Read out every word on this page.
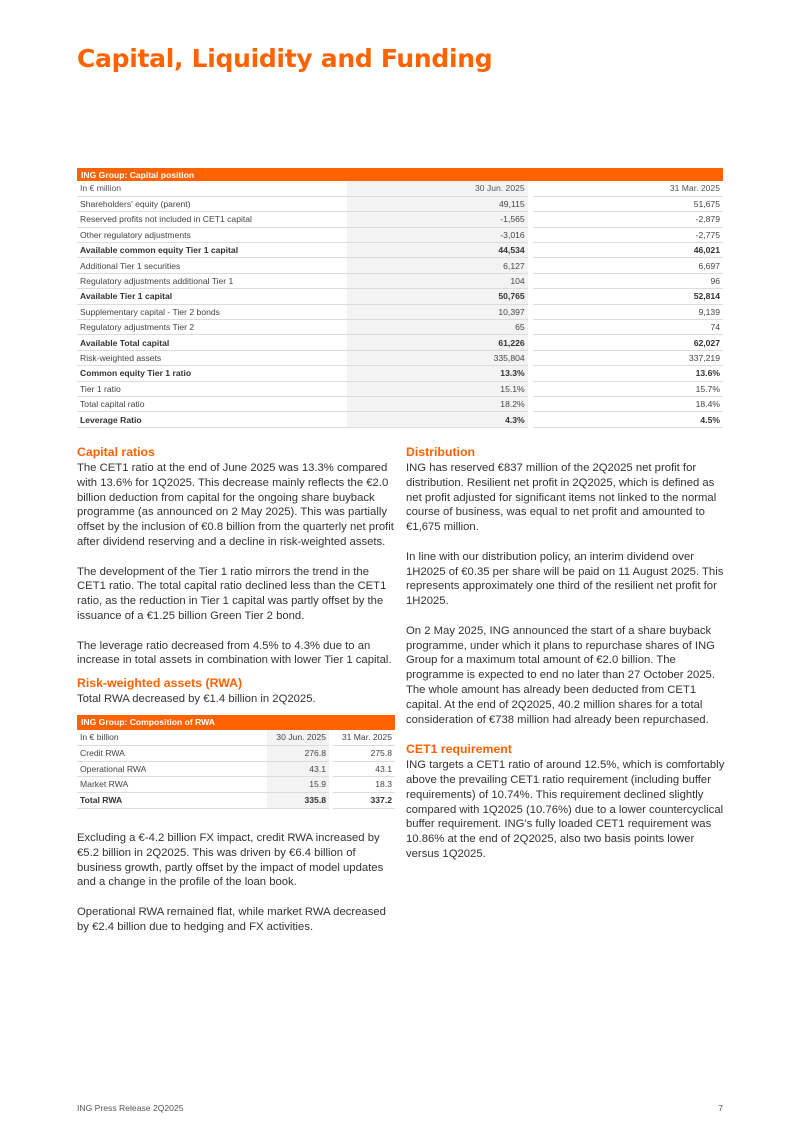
Capital, Liquidity and Funding
ING Group: Capital position			
In € million	30 Jun. 2025		31 Mar. 2025
Shareholders' equity (parent)	49,115		51,675
Reserved profits not included in CET1 capital	-1,565		-2,879
Other regulatory adjustments	-3,016		-2,775
Available common equity Tier 1 capital	44,534		46,021
Additional Tier 1 securities	6,127		6,697
Regulatory adjustments additional Tier 1	104		96
Available Tier 1 capital	50,765		52,814
Supplementary capital - Tier 2 bonds	10,397		9,139
Regulatory adjustments Tier 2	65		74
Available Total capital	61,226		62,027
Risk-weighted assets	335,804		337,219
Common equity Tier 1 ratio	13.3%		13.6%
Tier 1 ratio	15.1%		15.7%
Total capital ratio	18.2%		18.4%
Leverage Ratio	4.3%		4.5%
Capital ratios

The CET1 ratio at the end of June 2025 was 13.3% compared with 13.6% for 1Q2025. This decrease mainly reflects the €2.0 billion deduction from capital for the ongoing share buyback programme (as announced on 2 May 2025). This was partially offset by the inclusion of €0.8 billion from the quarterly net profit after dividend reserving and a decline in risk-weighted assets.

The development of the Tier 1 ratio mirrors the trend in the CET1 ratio. The total capital ratio declined less than the CET1 ratio, as the reduction in Tier 1 capital was partly offset by the issuance of a €1.25 billion Green Tier 2 bond.

The leverage ratio decreased from 4.5% to 4.3% due to an increase in total assets in combination with lower Tier 1 capital.

Risk-weighted assets (RWA)

Total RWA decreased by €1.4 billion in 2Q2025.

ING Group: Composition of RWA			
In € billion	30 Jun. 2025		31 Mar. 2025
Credit RWA	276.8		275.8
Operational RWA	43.1		43.1
Market RWA	15.9		18.3
Total RWA	335.8		337.2

Excluding a €-4.2 billion FX impact, credit RWA increased by €5.2 billion in 2Q2025. This was driven by €6.4 billion of business growth, partly offset by the impact of model updates and a change in the profile of the loan book.

Operational RWA remained flat, while market RWA decreased by €2.4 billion due to hedging and FX activities.

Distribution

ING has reserved €837 million of the 2Q2025 net profit for distribution. Resilient net profit in 2Q2025, which is defined as net profit adjusted for significant items not linked to the normal course of business, was equal to net profit and amounted to €1,675 million.

In line with our distribution policy, an interim dividend over 1H2025 of €0.35 per share will be paid on 11 August 2025. This represents approximately one third of the resilient net profit for 1H2025.

On 2 May 2025, ING announced the start of a share buyback programme, under which it plans to repurchase shares of ING Group for a maximum total amount of €2.0 billion. The programme is expected to end no later than 27 October 2025. The whole amount has already been deducted from CET1 capital. At the end of 2Q2025, 40.2 million shares for a total consideration of €738 million had already been repurchased.

CET1 requirement

ING targets a CET1 ratio of around 12.5%, which is comfortably above the prevailing CET1 ratio requirement (including buffer requirements) of 10.74%. This requirement declined slightly compared with 1Q2025 (10.76%) due to a lower countercyclical buffer requirement. ING's fully loaded CET1 requirement was 10.86% at the end of 2Q2025, also two basis points lower versus 1Q2025.

ING Press Release 2Q2025	7
